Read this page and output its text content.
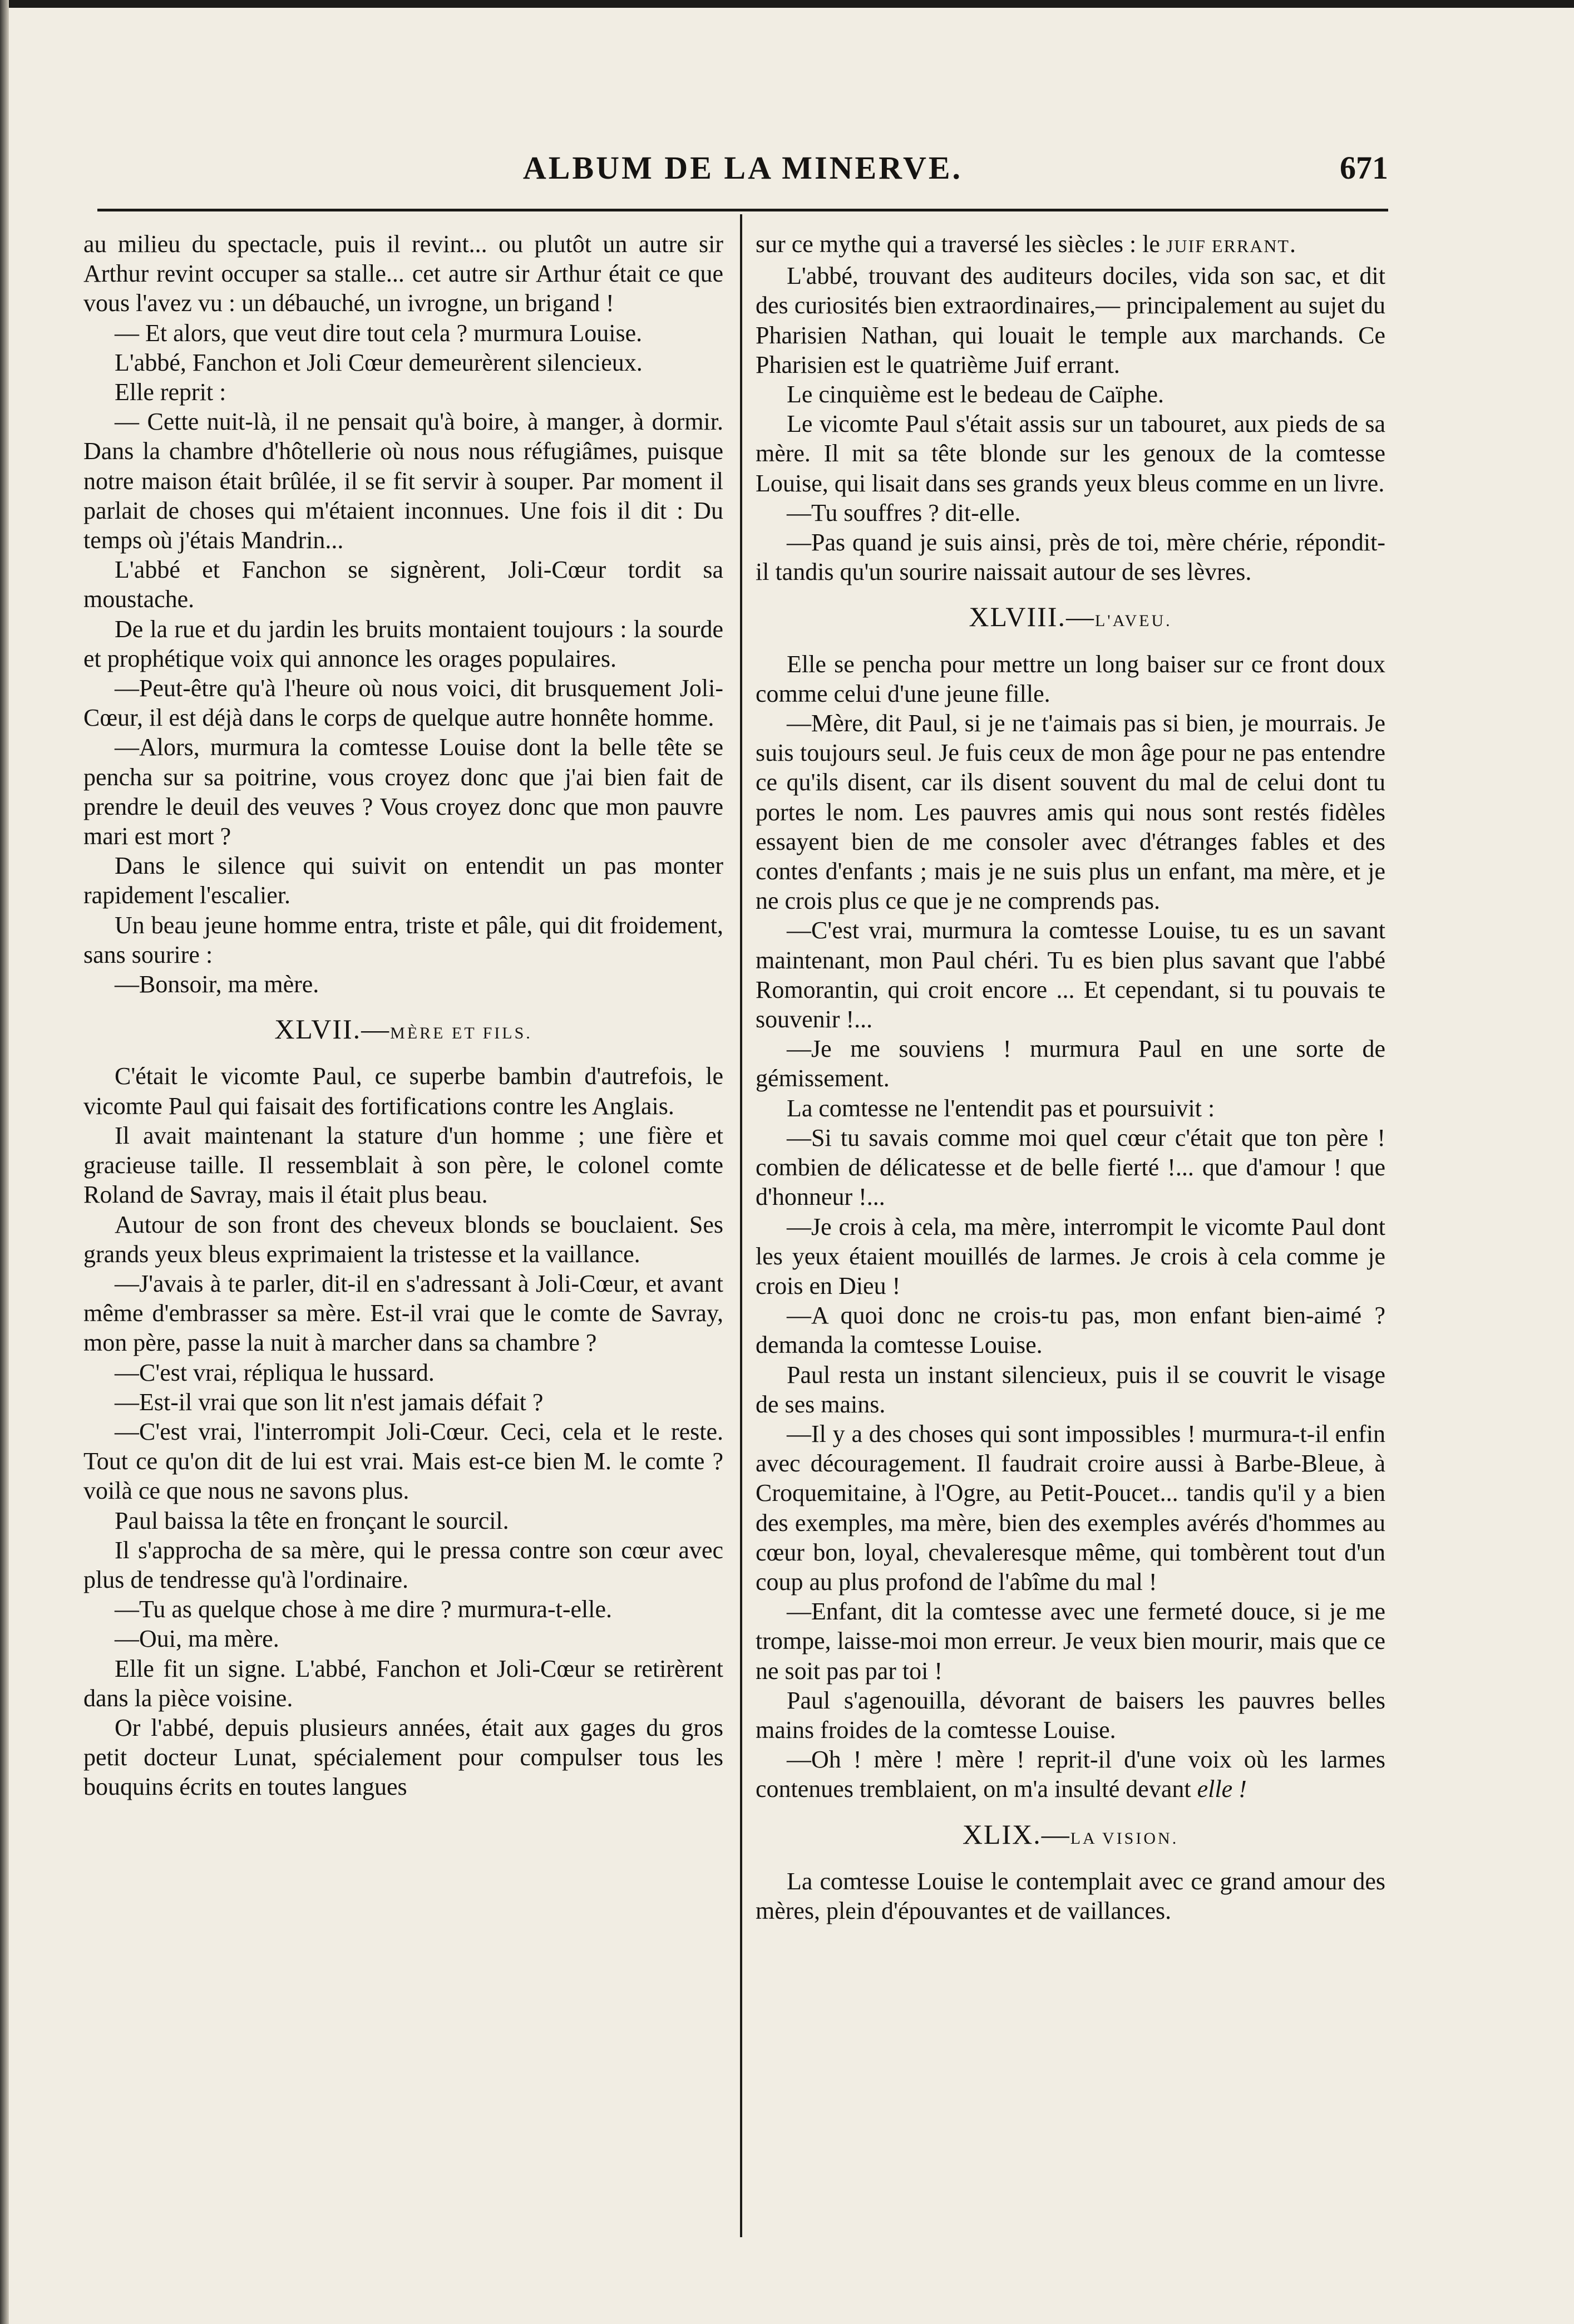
ALBUM DE LA MINERVE.	671

au milieu du spectacle, puis il revint... ou plutôt un autre sir Arthur revint occuper sa stalle... cet autre sir Arthur était ce que vous l'avez vu : un débauché, un ivrogne, un brigand !

— Et alors, que veut dire tout cela ? murmura Louise.

L'abbé, Fanchon et Joli Cœur demeurèrent silencieux.

Elle reprit :

— Cette nuit-là, il ne pensait qu'à boire, à manger, à dormir. Dans la chambre d'hôtellerie où nous nous réfugiâmes, puisque notre maison était brûlée, il se fit servir à souper. Par moment il parlait de choses qui m'étaient inconnues. Une fois il dit : Du temps où j'étais Mandrin...

L'abbé et Fanchon se signèrent, Joli-Cœur tordit sa moustache.

De la rue et du jardin les bruits montaient toujours : la sourde et prophétique voix qui annonce les orages populaires.

—Peut-être qu'à l'heure où nous voici, dit brusquement Joli-Cœur, il est déjà dans le corps de quelque autre honnête homme.

—Alors, murmura la comtesse Louise dont la belle tête se pencha sur sa poitrine, vous croyez donc que j'ai bien fait de prendre le deuil des veuves ? Vous croyez donc que mon pauvre mari est mort ?

Dans le silence qui suivit on entendit un pas monter rapidement l'escalier.

Un beau jeune homme entra, triste et pâle, qui dit froidement, sans sourire :

—Bonsoir, ma mère.

XLVII.—MÈRE ET FILS.

C'était le vicomte Paul, ce superbe bambin d'autrefois, le vicomte Paul qui faisait des fortifications contre les Anglais.

Il avait maintenant la stature d'un homme ; une fière et gracieuse taille. Il ressemblait à son père, le colonel comte Roland de Savray, mais il était plus beau.

Autour de son front des cheveux blonds se bouclaient. Ses grands yeux bleus exprimaient la tristesse et la vaillance.

—J'avais à te parler, dit-il en s'adressant à Joli-Cœur, et avant même d'embrasser sa mère. Est-il vrai que le comte de Savray, mon père, passe la nuit à marcher dans sa chambre ?

—C'est vrai, répliqua le hussard.

—Est-il vrai que son lit n'est jamais défait ?

—C'est vrai, l'interrompit Joli-Cœur. Ceci, cela et le reste. Tout ce qu'on dit de lui est vrai. Mais est-ce bien M. le comte ? voilà ce que nous ne savons plus.

Paul baissa la tête en fronçant le sourcil.

Il s'approcha de sa mère, qui le pressa contre son cœur avec plus de tendresse qu'à l'ordinaire.

—Tu as quelque chose à me dire ? murmura-t-elle.

—Oui, ma mère.

Elle fit un signe. L'abbé, Fanchon et Joli-Cœur se retirèrent dans la pièce voisine.

Or l'abbé, depuis plusieurs années, était aux gages du gros petit docteur Lunat, spécialement pour compulser tous les bouquins écrits en toutes langues

sur ce mythe qui a traversé les siècles : le JUIF ERRANT.

L'abbé, trouvant des auditeurs dociles, vida son sac, et dit des curiosités bien extraordinaires,— principalement au sujet du Pharisien Nathan, qui louait le temple aux marchands. Ce Pharisien est le quatrième Juif errant.

Le cinquième est le bedeau de Caïphe.

Le vicomte Paul s'était assis sur un tabouret, aux pieds de sa mère. Il mit sa tête blonde sur les genoux de la comtesse Louise, qui lisait dans ses grands yeux bleus comme en un livre.

—Tu souffres ? dit-elle.

—Pas quand je suis ainsi, près de toi, mère chérie, répondit-il tandis qu'un sourire naissait autour de ses lèvres.

XLVIII.—L'AVEU.

Elle se pencha pour mettre un long baiser sur ce front doux comme celui d'une jeune fille.

—Mère, dit Paul, si je ne t'aimais pas si bien, je mourrais. Je suis toujours seul. Je fuis ceux de mon âge pour ne pas entendre ce qu'ils disent, car ils disent souvent du mal de celui dont tu portes le nom. Les pauvres amis qui nous sont restés fidèles essayent bien de me consoler avec d'étranges fables et des contes d'enfants ; mais je ne suis plus un enfant, ma mère, et je ne crois plus ce que je ne comprends pas.

—C'est vrai, murmura la comtesse Louise, tu es un savant maintenant, mon Paul chéri. Tu es bien plus savant que l'abbé Romorantin, qui croit encore ... Et cependant, si tu pouvais te souvenir !...

—Je me souviens ! murmura Paul en une sorte de gémissement.

La comtesse ne l'entendit pas et poursuivit :

—Si tu savais comme moi quel cœur c'était que ton père ! combien de délicatesse et de belle fierté !... que d'amour ! que d'honneur !...

—Je crois à cela, ma mère, interrompit le vicomte Paul dont les yeux étaient mouillés de larmes. Je crois à cela comme je crois en Dieu !

—A quoi donc ne crois-tu pas, mon enfant bien-aimé ? demanda la comtesse Louise.

Paul resta un instant silencieux, puis il se couvrit le visage de ses mains.

—Il y a des choses qui sont impossibles ! murmura-t-il enfin avec découragement. Il faudrait croire aussi à Barbe-Bleue, à Croquemitaine, à l'Ogre, au Petit-Poucet... tandis qu'il y a bien des exemples, ma mère, bien des exemples avérés d'hommes au cœur bon, loyal, chevaleresque même, qui tombèrent tout d'un coup au plus profond de l'abîme du mal !

—Enfant, dit la comtesse avec une fermeté douce, si je me trompe, laisse-moi mon erreur. Je veux bien mourir, mais que ce ne soit pas par toi !

Paul s'agenouilla, dévorant de baisers les pauvres belles mains froides de la comtesse Louise.

—Oh ! mère ! mère ! reprit-il d'une voix où les larmes contenues tremblaient, on m'a insulté devant elle !

XLIX.—LA VISION.

La comtesse Louise le contemplait avec ce grand amour des mères, plein d'épouvantes et de vaillances.
